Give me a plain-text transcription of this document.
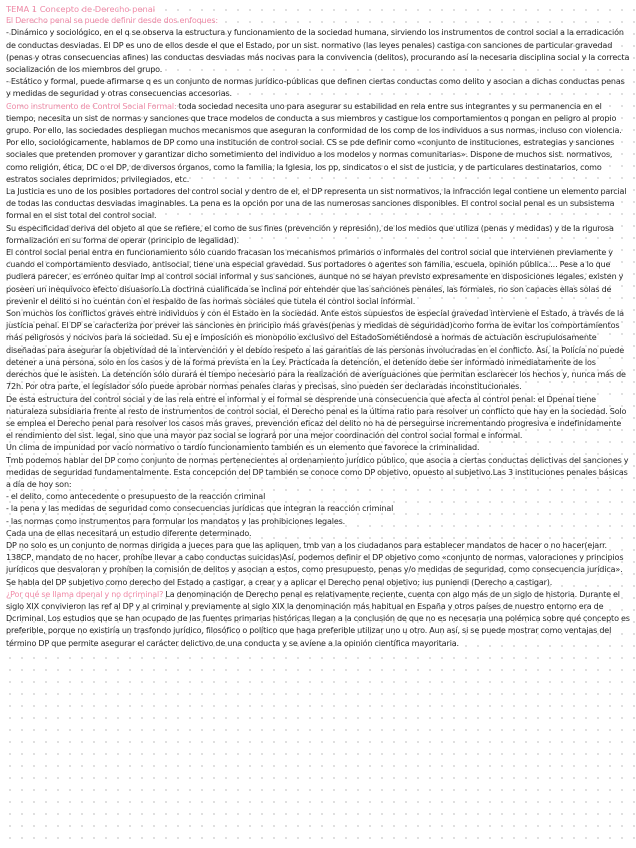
TEMA 1 Concepto de Derecho penal

El Derecho penal se puede definir desde dos enfoques:

- Dinámico y sociológico, en el q se observa la estructura y funcionamiento de la sociedad humana, sirviendo los instrumentos de control social a la erradicación de conductas desviadas. El DP es uno de ellos desde el que el Estado, por un sist. normativo (las leyes penales) castiga con sanciones de particular gravedad (penas y otras consecuencias afines) las conductas desviadas más nocivas para la convivencia (delitos), procurando así la necesaria disciplina social y la correcta socialización de los miembros del grupo.

- Estático y formal, puede afirmarse q es un conjunto de normas jurídico-públicas que definen ciertas conductas como delito y asocian a dichas conductas penas y medidas de seguridad y otras consecuencias accesorias.

Como instrumento de Control Social Formal: toda sociedad necesita uno para asegurar su estabilidad en rela entre sus integrantes y su permanencia en el tiempo, necesita un sist de normas y sanciones que trace modelos de conducta a sus miembros y castigue los comportamientos q pongan en peligro al propio grupo. Por ello, las sociedades despliegan muchos mecanismos que aseguran la conformidad de los comp de los individuos a sus normas, incluso con violencia. Por ello, sociológicamente, hablamos de DP como una institución de control social. CS se pde definir como «conjunto de instituciones, estrategias y sanciones sociales que pretenden promover y garantizar dicho sometimiento del individuo a los modelos y normas comunitarias». Dispone de muchos sist. normativos, como religión, ética, DC o el DP, de diversos órganos, como la familia, la Iglesia, los pp, sindicatos o el sist de justicia, y de particulares destinatarios, como estratos sociales deprimidos, privilegiados, etc.

La Justicia es uno de los posibles portadores del control social y dentro de el, el DP representa un sist normativos, la infracción legal contiene un elemento parcial de todas las conductas desviadas imaginables. La pena es la opción por una de las numerosas sanciones disponibles. El control social penal es un subsistema formal en el sist total del control social.

Su especificidad deriva del objeto al que se refiere, el como de sus fines (prevención y represión), de los medios que utiliza (penas y medidas) y de la rigurosa formalización en su forma de operar (principio de legalidad).

El control social penal entra en funcionamiento sólo cuando fracasan los mecanismos primarios o informales del control social que intervienen previamente y cuando el comportamiento desviado, antisocial, tiene una especial gravedad. Sus portadores o agentes son familia, escuela, opinión pública.... Pese a lo que pudiera parecer, es erróneo quitar imp al control social informal y sus sanciones, aunque no se hayan previsto expresamente en disposiciones legales, existen y poseen un inequívoco efecto disuasorio.La doctrina cualificada se inclina por entender que las sanciones penales, las formales, no son capaces ellas solas de prevenir el delito si no cuentan con el respaldo de las normas sociales que tutela el control social informal.

Son muchos los conflictos graves entre individuos y con el Estado en la sociedad. Ante estos supuestos de especial gravedad interviene el Estado, a través de la justicia penal. El DP se caracteriza por prever las sanciones en principio más graves(penas y medidas de seguridad)como forma de evitar los comportamientos más peligrosos y nocivos para la sociedad. Su ej e imposición es monopolio exclusivo del EstadoSométiéndose a normas de actuación escrupulosamente diseñadas para asegurar la objetividad de la intervención y el debido respeto a las garantías de las personas involucradas en el conflicto. Así, la Policía no puede detener a una persona, solo en los casos y de la forma prevista en la Ley. Practicada la detención, el detenido debe ser informado inmediatamente de los derechos que le asisten. La detención sólo durará el tiempo necesario para la realización de averiguaciones que permitan esclarecer los hechos y, nunca más de 72h. Por otra parte, el legislador sólo puede aprobar normas penales claras y precisas, sino pueden ser declaradas inconstitucionales.

De esta estructura del control social y de las rela entre el informal y el formal se desprende una consecuencia que afecta al control penal: el Dpenal tiene naturaleza subsidiaria frente al resto de instrumentos de control social, el Derecho penal es la última ratio para resolver un conflicto que hay en la sociedad. Solo se emplea el Derecho penal para resolver los casos más graves, prevención eficaz del delito no ha de perseguirse incrementando progresiva e indefinidamente el rendimiento del sist. legal, sino que una mayor paz social se logrará por una mejor coordinación del control social formal e informal.

Un clima de impunidad por vacío normativo o tardío funcionamiento también es un elemento que favorece la criminalidad.

Tmb podemos hablar del DP como conjunto de normas pertenecientes al ordenamiento jurídico público, que asocia a ciertas conductas delictivas del sanciones y medidas de seguridad fundamentalmente. Esta concepción del DP también se conoce como DP objetivo, opuesto al subjetivo.Las 3 instituciones penales básicas a día de hoy son:

- el delito, como antecedente o presupuesto de la reacción criminal

- la pena y las medidas de seguridad como consecuencias jurídicas que integran la reacción criminal

- las normas como instrumentos para formular los mandatos y las prohibiciones legales.

Cada una de ellas necesitará un estudio diferente determinado.

DP no solo es un conjunto de normas dirigida a jueces para que las apliquen, tmb van a los ciudadanos para establecer mandatos de hacer o no hacer(ejarr. 138CP, mandato de no hacer, prohíbe llevar a cabo conductas suicidas)Así, podemos definir el DP objetivo como «conjunto de normas, valoraciones y principios jurídicos que desvaloran y prohíben la comisión de delitos y asocian a estos, como presupuesto, penas y/o medidas de seguridad, como consecuencia jurídica». Se habla del DP subjetivo como derecho del Estado a castigar, a crear y a aplicar el Derecho penal objetivo: ius puniendi (Derecho a castigar).

¿Por qué se llama dpenal y no dcriminal? La denominación de Derecho penal es relativamente reciente, cuenta con algo más de un siglo de historia. Durante el siglo XIX convivieron las ref al DP y al criminal y previamente al siglo XIX la denominación más habitual en España y otros países de nuestro entorno era de Dcriminal. Los estudios que se han ocupado de las fuentes primarias históricas llegan a la conclusión de que no es necesaria una polémica sobre qué concepto es preferible, porque no existiría un trasfondo jurídico, filosófico o político que haga preferible utilizar uno u otro. Aun así, si se puede mostrar como ventajas del término DP que permite asegurar el carácter delictivo de una conducta y se avíene a la opinión científica mayoritaria.
